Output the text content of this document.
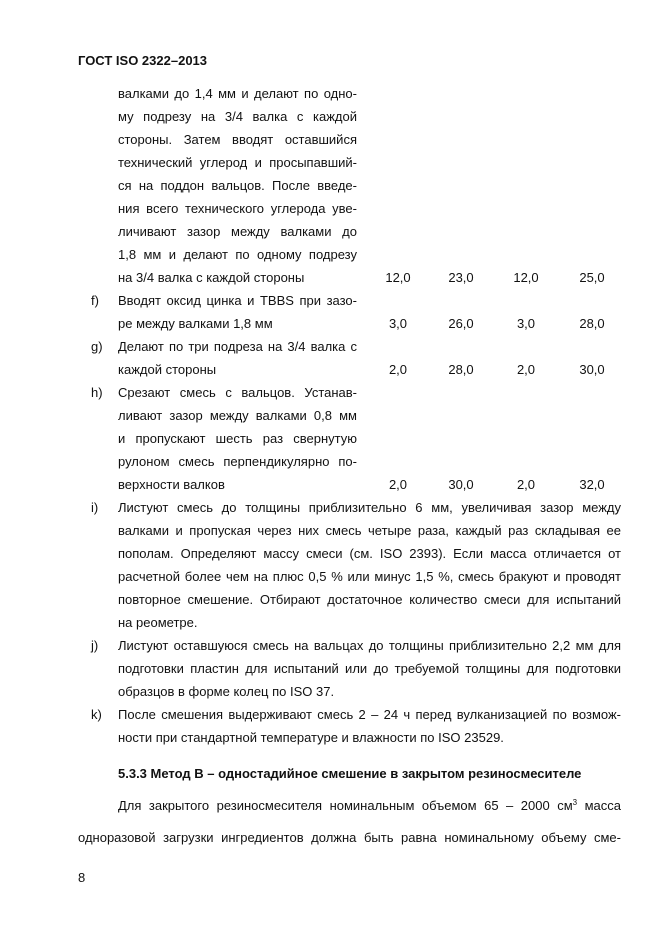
ГОСТ ISO 2322–2013
валками до 1,4 мм и делают по одно-
му подрезу на 3/4 валка с каждой
стороны. Затем вводят оставшийся
технический углерод и просыпавший-
ся на поддон вальцов. После введе-
ния всего технического углерода уве-
личивают зазор между валками до
1,8 мм и делают по одному подрезу
на 3/4 валка с каждой стороны	12,0	23,0	12,0	25,0
f) Вводят оксид цинка и TBBS при зазо-
ре между валками 1,8 мм	3,0	26,0	3,0	28,0
g) Делают по три подреза на 3/4 валка с
каждой стороны	2,0	28,0	2,0	30,0
h) Срезают смесь с вальцов. Устанав-
ливают зазор между валками 0,8 мм
и пропускают шесть раз свернутую
рулоном смесь перпендикулярно по-
верхности валков	2,0	30,0	2,0	32,0
i) Листуют смесь до толщины приблизительно 6 мм, увеличивая зазор между
валками и пропуская через них смесь четыре раза, каждый раз складывая ее
пополам. Определяют массу смеси (см. ISO 2393). Если масса отличается от
расчетной более чем на плюс 0,5 % или минус 1,5 %, смесь бракуют и проводят
повторное смешение. Отбирают достаточное количество смеси для испытаний
на реометре.
j) Листуют оставшуюся смесь на вальцах до толщины приблизительно 2,2 мм для
подготовки пластин для испытаний или до требуемой толщины для подготовки
образцов в форме колец по ISO 37.
k) После смешения выдерживают смесь 2 – 24 ч перед вулканизацией по возмож-
ности при стандартной температуре и влажности по ISO 23529.
5.3.3 Метод В – одностадийное смешение в закрытом резиносмесителе
Для закрытого резиносмесителя номинальным объемом 65 – 2000 $см^3$ масса
одноразовой загрузки ингредиентов должна быть равна номинальному объему сме-
8
